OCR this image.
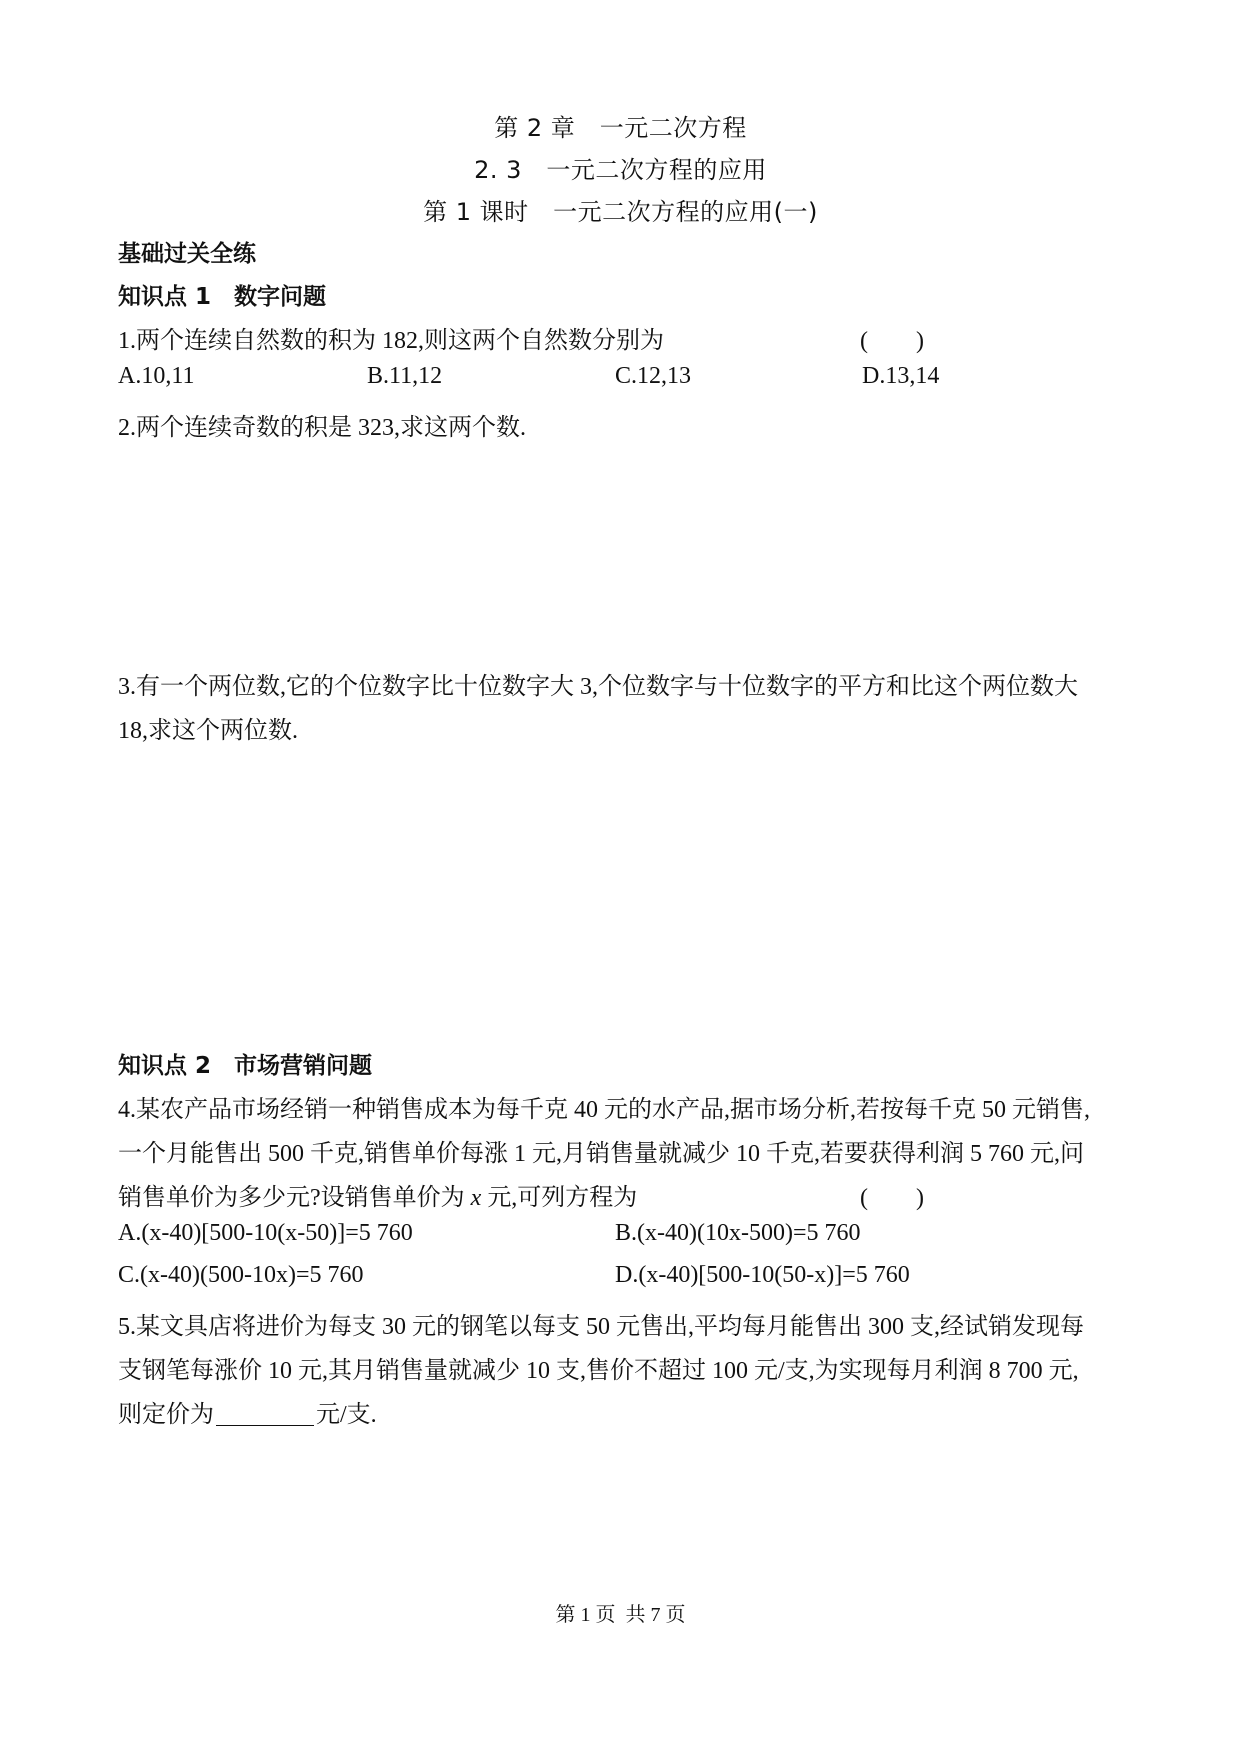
第 2 章　一元二次方程
2. 3　一元二次方程的应用
第 1 课时　一元二次方程的应用(一)
基础过关全练
知识点 1　数字问题
1.两个连续自然数的积为 182,则这两个自然数分别为	(　　)
A.10,11	B.11,12	C.12,13	D.13,14
2.两个连续奇数的积是 323,求这两个数.
3.有一个两位数,它的个位数字比十位数字大 3,个位数字与十位数字的平方和比这个两位数大
18,求这个两位数.
知识点 2　市场营销问题
4.某农产品市场经销一种销售成本为每千克 40 元的水产品,据市场分析,若按每千克 50 元销售,
一个月能售出 500 千克,销售单价每涨 1 元,月销售量就减少 10 千克,若要获得利润 5 760 元,问
销售单价为多少元?设销售单价为 x 元,可列方程为	(　　)
A.(x-40)[500-10(x-50)]=5 760	B.(x-40)(10x-500)=5 760
C.(x-40)(500-10x)=5 760	D.(x-40)[500-10(50-x)]=5 760
5.某文具店将进价为每支 30 元的钢笔以每支 50 元售出,平均每月能售出 300 支,经试销发现每
支钢笔每涨价 10 元,其月销售量就减少 10 支,售价不超过 100 元/支,为实现每月利润 8 700 元,
则定价为	元/支.
第 1 页  共 7 页
